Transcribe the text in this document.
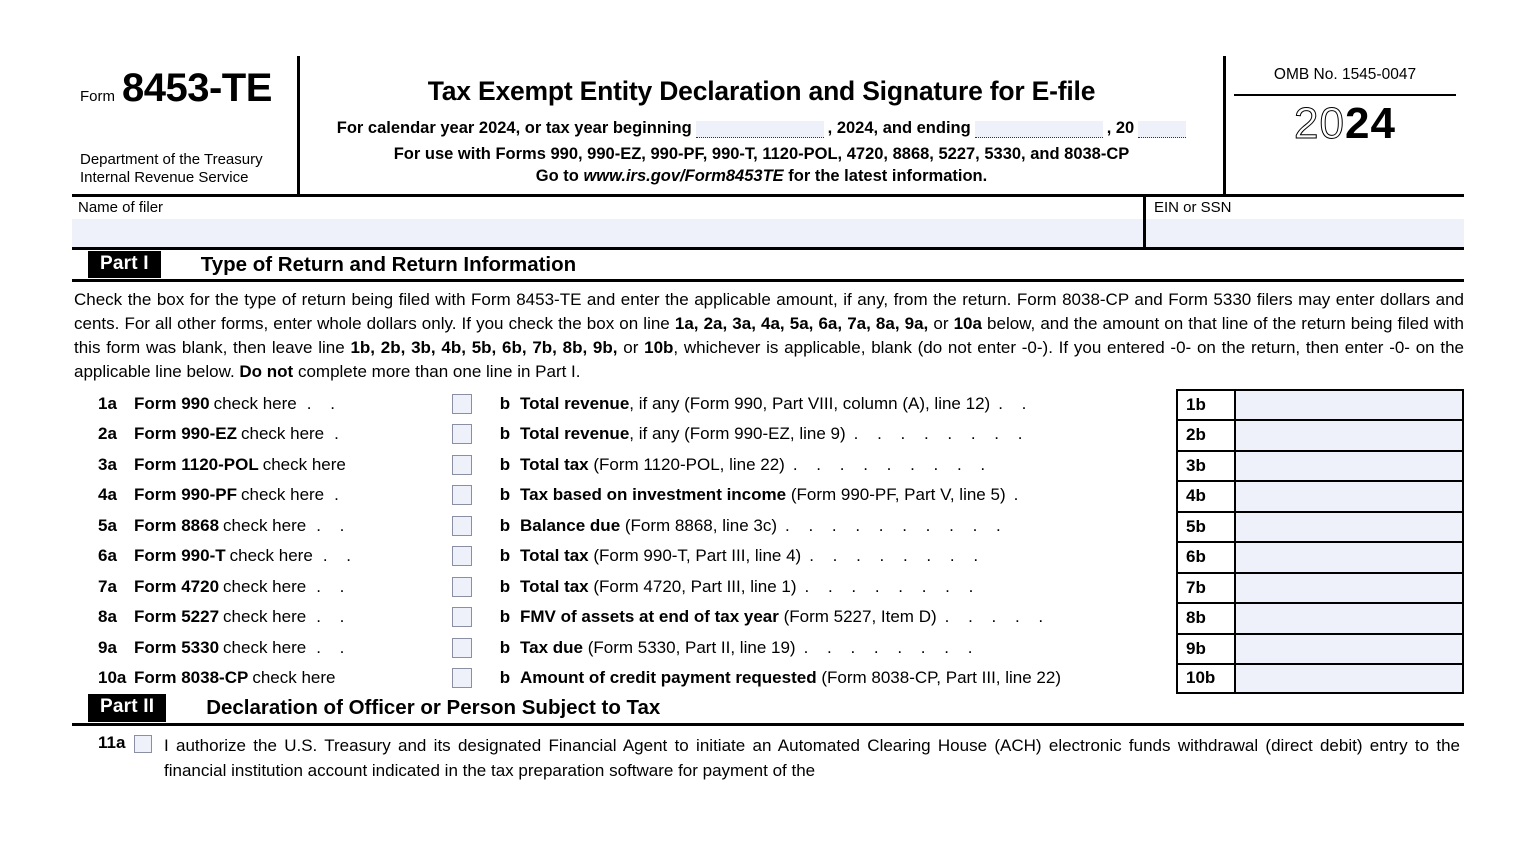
Form 8453-TE
Department of the Treasury
Internal Revenue Service
Tax Exempt Entity Declaration and Signature for E-file
For calendar year 2024, or tax year beginning	, 2024, and ending	, 20
For use with Forms 990, 990-EZ, 990-PF, 990-T, 1120-POL, 4720, 8868, 5227, 5330, and 8038-CP
Go to www.irs.gov/Form8453TE for the latest information.
OMB No. 1545-0047
2024
Name of filer	EIN or SSN
Part I	Type of Return and Return Information
Check the box for the type of return being filed with Form 8453-TE and enter the applicable amount, if any, from the return. Form 8038-CP and Form 5330 filers may enter dollars and cents. For all other forms, enter whole dollars only. If you check the box on line 1a, 2a, 3a, 4a, 5a, 6a, 7a, 8a, 9a, or 10a below, and the amount on that line of the return being filed with this form was blank, then leave line 1b, 2b, 3b, 4b, 5b, 6b, 7b, 8b, 9b, or 10b, whichever is applicable, blank (do not enter -0-). If you entered -0- on the return, then enter -0- on the applicable line below. Do not complete more than one line in Part I.
1a	Form 990 check here . .	b Total revenue , if any (Form 990, Part VIII, column (A), line 12) . .	1b
2a	Form 990-EZ check here .	b Total revenue , if any (Form 990-EZ, line 9) . . . . . . . .	2b
3a	Form 1120-POL check here	b Total tax (Form 1120-POL, line 22) . . . . . . . . .	3b
4a	Form 990-PF check here .	b Tax based on investment income (Form 990-PF, Part V, line 5) .	4b
5a	Form 8868 check here . .	b Balance due (Form 8868, line 3c) . . . . . . . . . .	5b
6a	Form 990-T check here . .	b Total tax (Form 990-T, Part III, line 4) . . . . . . . .	6b
7a	Form 4720 check here . .	b Total tax (Form 4720, Part III, line 1) . . . . . . . .	7b
8a	Form 5227 check here . .	b FMV of assets at end of tax year (Form 5227, Item D) . . . . .	8b
9a	Form 5330 check here . .	b Tax due (Form 5330, Part II, line 19) . . . . . . . .	9b
10a Form 8038-CP check here	b Amount of credit payment requested (Form 8038-CP, Part III, line 22)	10b
Part II	Declaration of Officer or Person Subject to Tax
11a	I authorize the U.S. Treasury and its designated Financial Agent to initiate an Automated Clearing House (ACH) electronic funds withdrawal (direct debit) entry to the financial institution account indicated in the tax preparation software for payment of the
